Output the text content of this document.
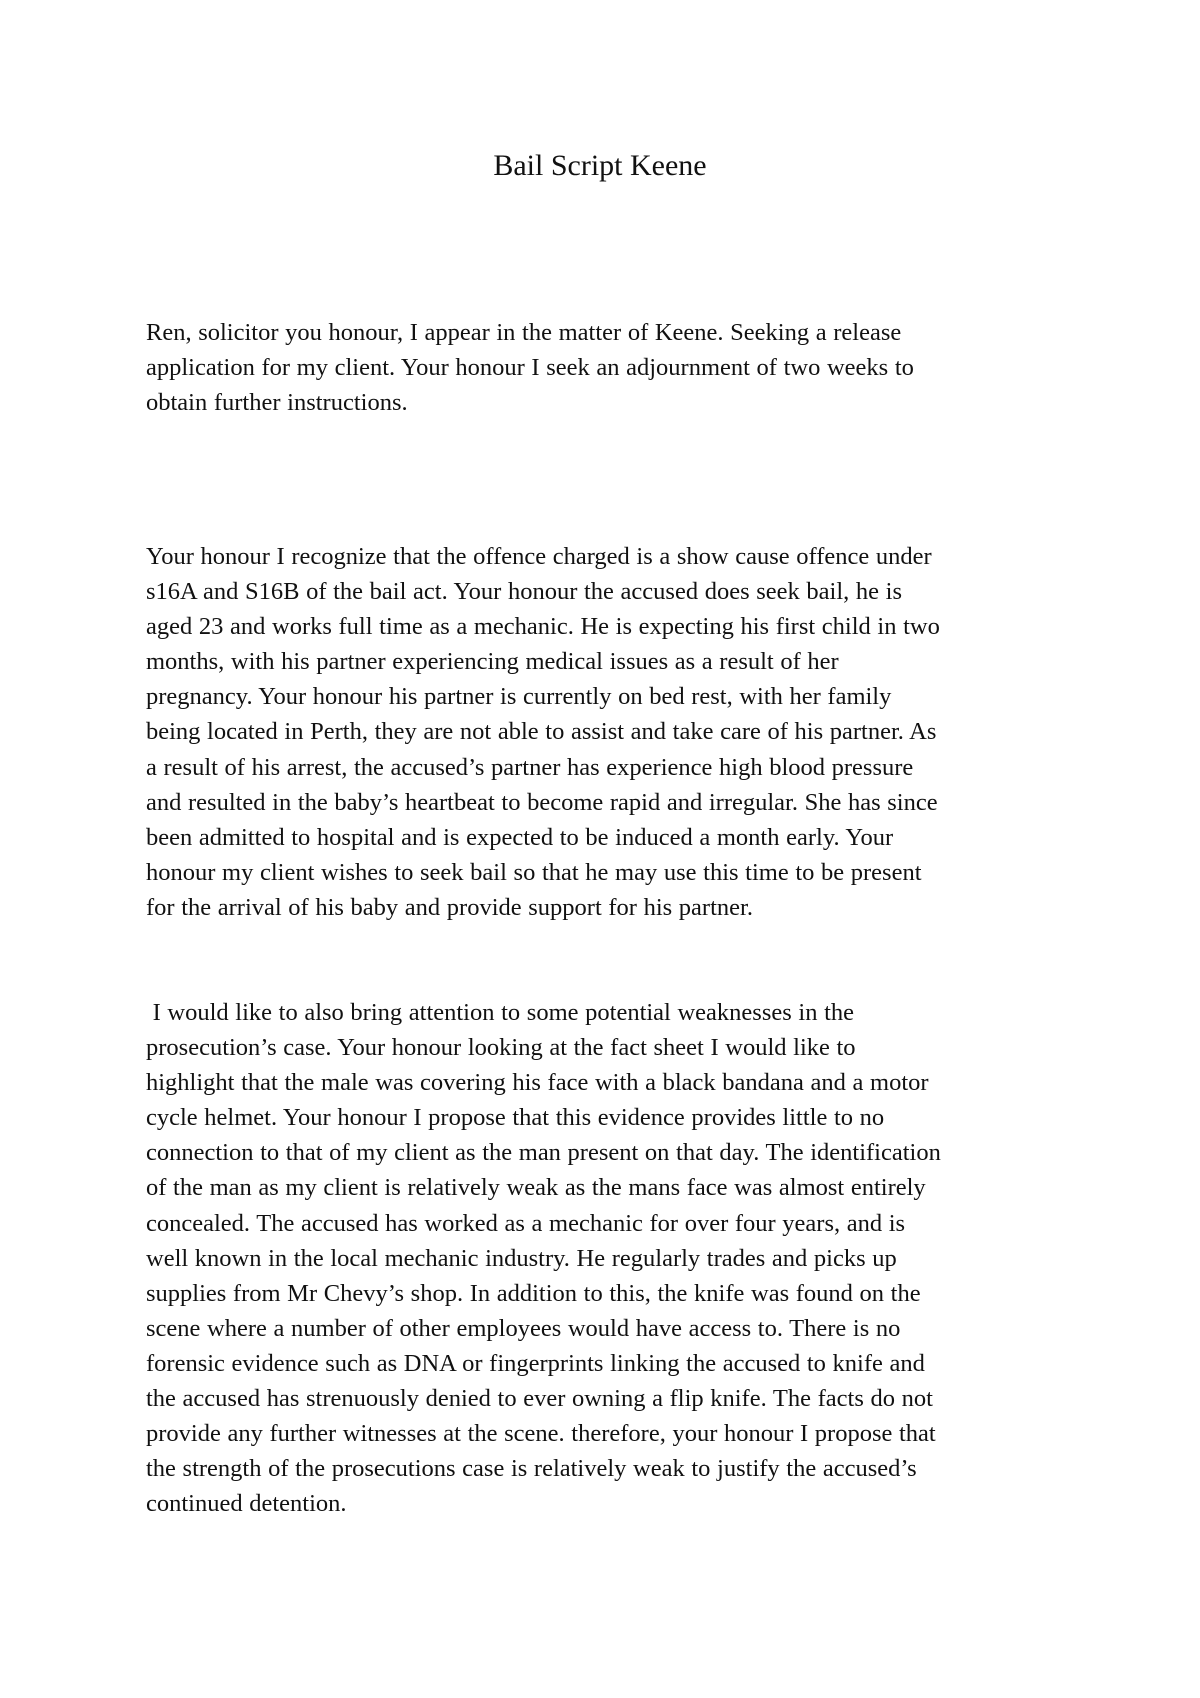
Bail Script Keene
Ren, solicitor you honour, I appear in the matter of Keene. Seeking a release
application for my client. Your honour I seek an adjournment of two weeks to
obtain further instructions.
Your honour I recognize that the offence charged is a show cause offence under
s16A and S16B of the bail act. Your honour the accused does seek bail, he is
aged 23 and works full time as a mechanic. He is expecting his first child in two
months, with his partner experiencing medical issues as a result of her
pregnancy. Your honour his partner is currently on bed rest, with her family
being located in Perth, they are not able to assist and take care of his partner. As
a result of his arrest, the accused’s partner has experience high blood pressure
and resulted in the baby’s heartbeat to become rapid and irregular. She has since
been admitted to hospital and is expected to be induced a month early. Your
honour my client wishes to seek bail so that he may use this time to be present
for the arrival of his baby and provide support for his partner.
I would like to also bring attention to some potential weaknesses in the
prosecution’s case. Your honour looking at the fact sheet I would like to
highlight that the male was covering his face with a black bandana and a motor
cycle helmet. Your honour I propose that this evidence provides little to no
connection to that of my client as the man present on that day. The identification
of the man as my client is relatively weak as the mans face was almost entirely
concealed. The accused has worked as a mechanic for over four years, and is
well known in the local mechanic industry. He regularly trades and picks up
supplies from Mr Chevy’s shop. In addition to this, the knife was found on the
scene where a number of other employees would have access to. There is no
forensic evidence such as DNA or fingerprints linking the accused to knife and
the accused has strenuously denied to ever owning a flip knife. The facts do not
provide any further witnesses at the scene. therefore, your honour I propose that
the strength of the prosecutions case is relatively weak to justify the accused’s
continued detention.
